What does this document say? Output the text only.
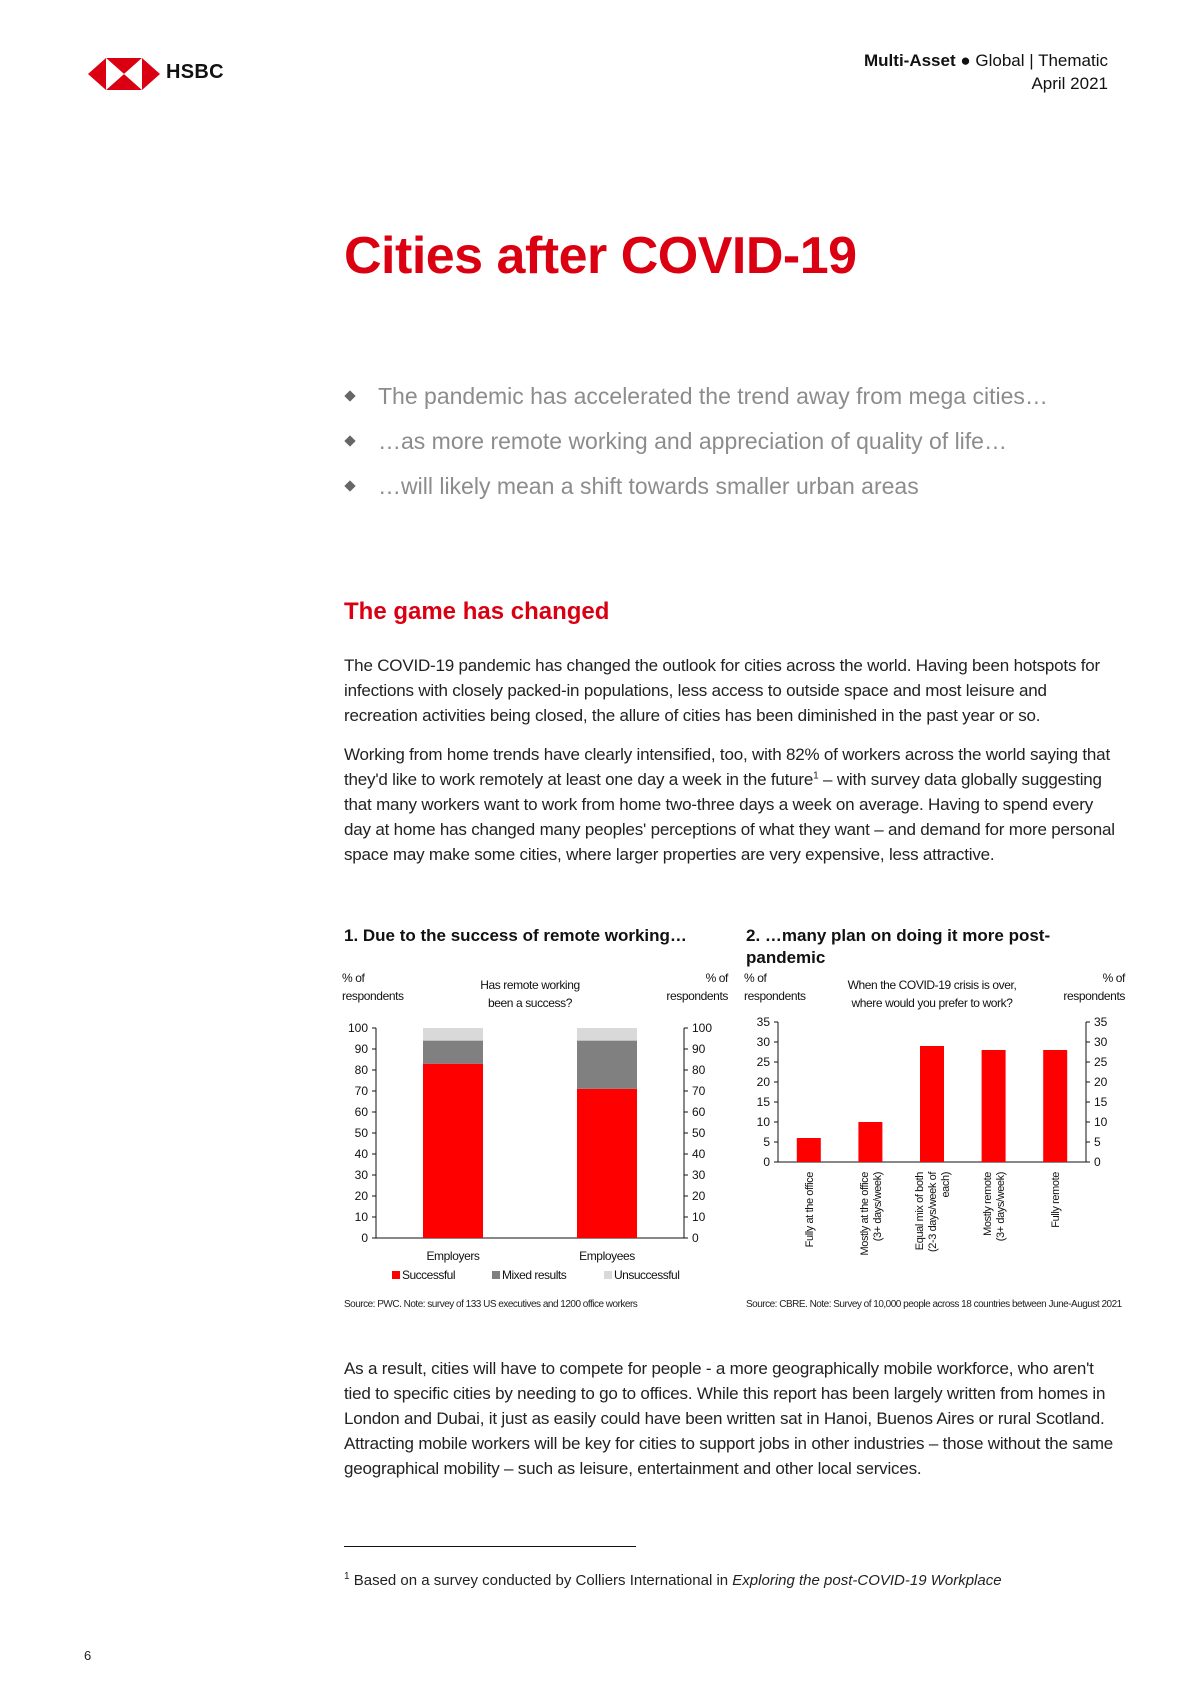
HSBC
Multi-Asset ● Global | Thematic
April 2021
Cities after COVID-19
The pandemic has accelerated the trend away from mega cities…
…as more remote working and appreciation of quality of life…
…will likely mean a shift towards smaller urban areas
The game has changed

The COVID-19 pandemic has changed the outlook for cities across the world. Having been hotspots for infections with closely packed-in populations, less access to outside space and most leisure and recreation activities being closed, the allure of cities has been diminished in the past year or so.

Working from home trends have clearly intensified, too, with 82% of workers across the world saying that they'd like to work remotely at least one day a week in the future$^1$ – with survey data globally suggesting that many workers want to work from home two-three days a week on average. Having to spend every day at home has changed many peoples' perceptions of what they want – and demand for more personal space may make some cities, where larger properties are very expensive, less attractive.

1. Due to the success of remote working…
0	0
10	10
20	20
30	30
40	40
50	50
60	60
70	70
80	80
90	90
100	100
% of
respondents
% of
respondents
Has remote working
been a success?
Employers	Employees
Successful	Mixed results	Unsuccessful
Source: PWC. Note: survey of 133 US executives and 1200 office workers
2. …many plan on doing it more post-pandemic
0	0
5	5
10	10
15	15
20	20
25	25
30	30
35	35
% of
respondents
% of
respondents
When the COVID-19 crisis is over,
where would you prefer to work?
Fully at the office	Mostly at the office (3+ days/week)	Equal mix of both (2-3 days/week of each)	Mostly remote (3+ days/week)	Fully remote
Source: CBRE. Note: Survey of 10,000 people across 18 countries between June-August 2021

As a result, cities will have to compete for people - a more geographically mobile workforce, who aren't tied to specific cities by needing to go to offices. While this report has been largely written from homes in London and Dubai, it just as easily could have been written sat in Hanoi, Buenos Aires or rural Scotland. Attracting mobile workers will be key for cities to support jobs in other industries – those without the same geographical mobility – such as leisure, entertainment and other local services.

$^1$ Based on a survey conducted by Colliers International in Exploring the post-COVID-19 Workplace
6
